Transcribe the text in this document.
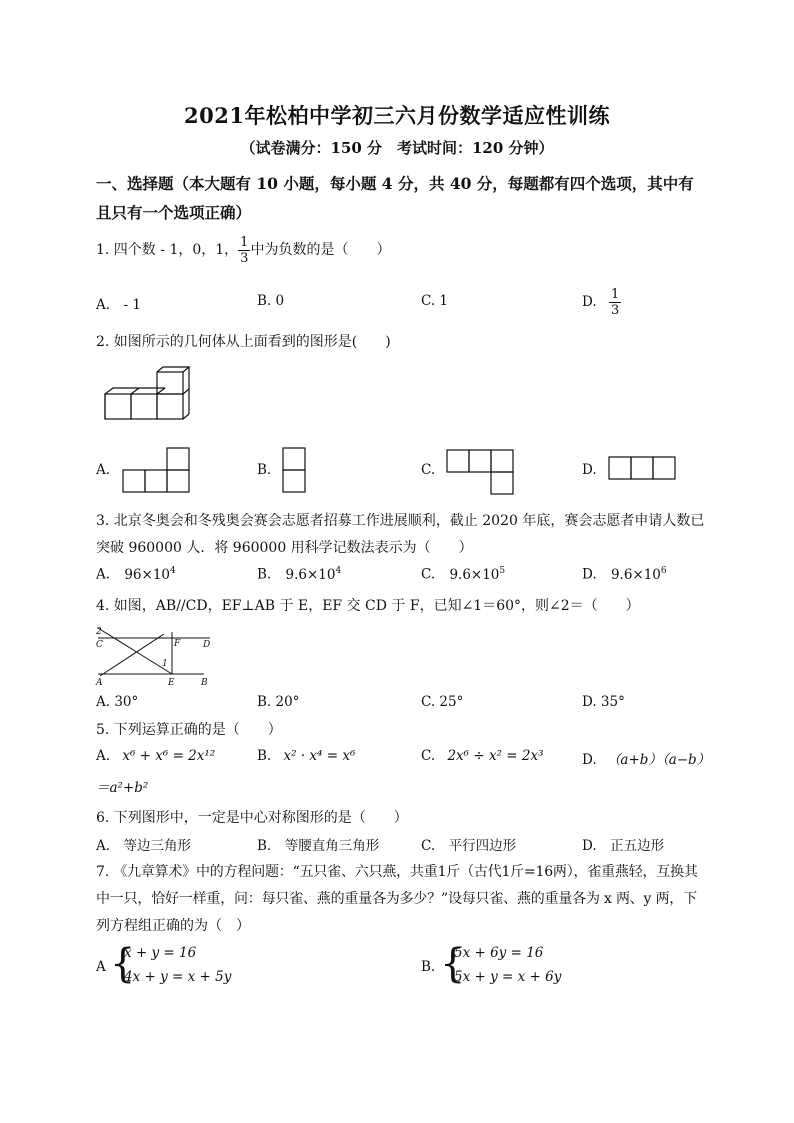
2021年松柏中学初三六月份数学适应性训练
（试卷满分：150 分　考试时间：120 分钟）
一、选择题（本大题有 10 小题，每小题 4 分，共 40 分，每题都有四个选项，其中有
且只有一个选项正确）
1. 四个数 - 1，0，1， $\frac{1}{3}$ 中为负数的是（　　）
A.　- 1	B. 0	C. 1	D. $\frac{1}{3}$
2. 如图所示的几何体从上面看到的图形是(　　)
A.	B.	C.	D.
3. 北京冬奥会和冬残奥会赛会志愿者招募工作进展顺利，截止 2020 年底，赛会志愿者申请人数已
突破 960000 人．将 960000 用科学记数法表示为（　　）
A. $96\times 10^4$	B. $9.6\times 10^4$	C. $9.6\times 10^5$	D. $9.6\times 10^6$
4. 如图，AB//CD，EF⊥AB 于 E，EF 交 CD 于 F，已知∠1＝60°，则∠2＝（　　）
2
C	D
F
1
A	E	B
A. 30°	B. 20°	C. 25°	D. 35°
5. 下列运算正确的是（　　）
A. x⁶ + x⁶ = 2x¹²	B. x² · x⁴ = x⁶	C. 2x⁶ ÷ x² = 2x³	D. （a+b）（a−b）
＝a²+b²
6. 下列图形中，一定是中心对称图形的是（　　）
A.　等边三角形	B.　等腰直角三角形	C.　平行四边形	D.　正五边形
7. 《九章算术》中的方程问题：“五只雀、六只燕，共重1斤（古代1斤=16两），雀重燕轻，互换其
中一只，恰好一样重，问：每只雀、燕的重量各为多少？”设每只雀、燕的重量各为 x 两、y 两，下
列方程组正确的为（　）
A {
x + y = 16
4x + y = x + 5y
B. {
5x + 6y = 16
5x + y = x + 6y
